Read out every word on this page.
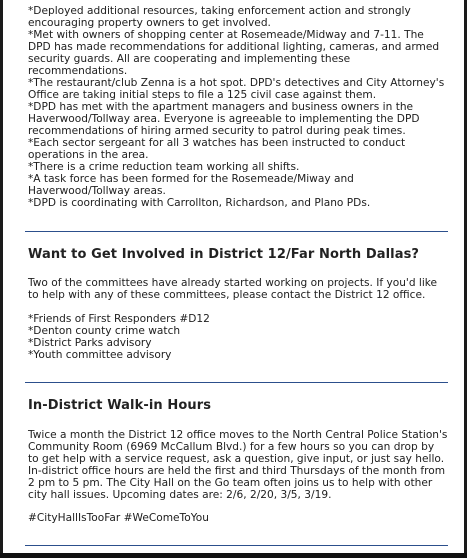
*Deployed additional resources, taking enforcement action and strongly encouraging property owners to get involved.

*Met with owners of shopping center at Rosemeade/Midway and 7-11. The DPD has made recommendations for additional lighting, cameras, and armed security guards. All are cooperating and implementing these recommendations.

*The restaurant/club Zenna is a hot spot. DPD's detectives and City Attorney's Office are taking initial steps to file a 125 civil case against them.

*DPD has met with the apartment managers and business owners in the Haverwood/Tollway area. Everyone is agreeable to implementing the DPD recommendations of hiring armed security to patrol during peak times.

*Each sector sergeant for all 3 watches has been instructed to conduct operations in the area.

*There is a crime reduction team working all shifts.

*A task force has been formed for the Rosemeade/Miway and Haverwood/Tollway areas.

*DPD is coordinating with Carrollton, Richardson, and Plano PDs.

Want to Get Involved in District 12/Far North Dallas?

Two of the committees have already started working on projects. If you'd like to help with any of these committees, please contact the District 12 office.

*Friends of First Responders #D12

*Denton county crime watch

*District Parks advisory

*Youth committee advisory

In-District Walk-in Hours

Twice a month the District 12 office moves to the North Central Police Station's Community Room (6969 McCallum Blvd.) for a few hours so you can drop by to get help with a service request, ask a question, give input, or just say hello. In-district office hours are held the first and third Thursdays of the month from 2 pm to 5 pm. The City Hall on the Go team often joins us to help with other city hall issues. Upcoming dates are: 2/6, 2/20, 3/5, 3/19.

#CityHallIsTooFar #WeComeToYou
